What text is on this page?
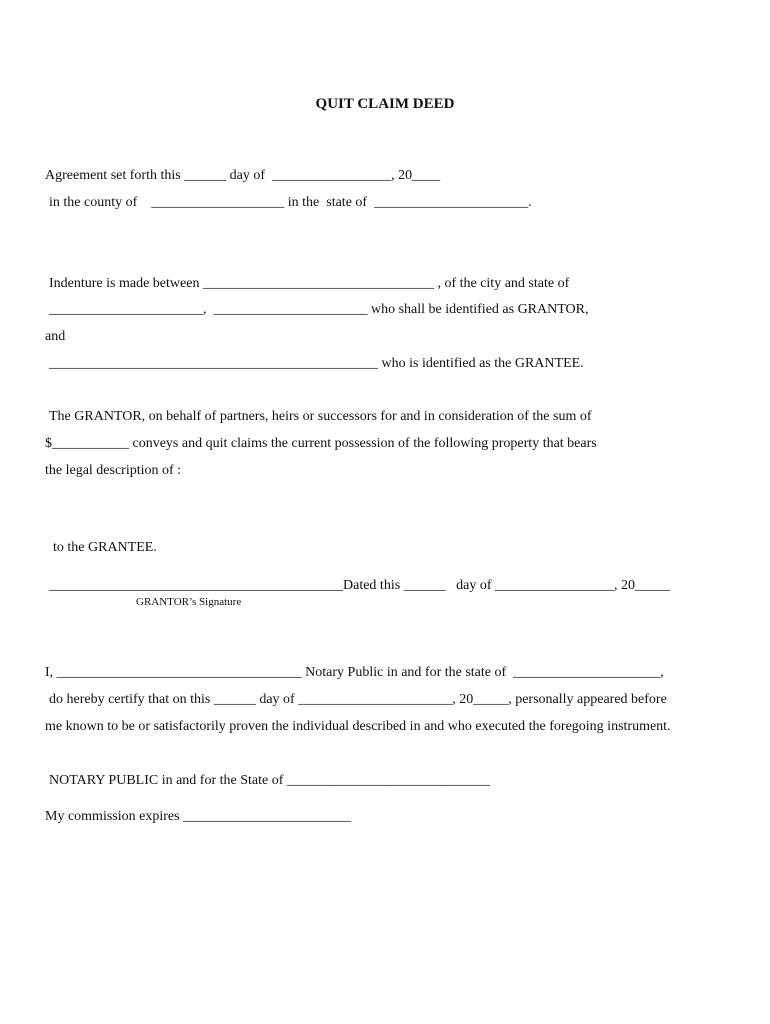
QUIT CLAIM DEED
Agreement set forth this ______ day of  _________________, 20____
in the county of    ___________________ in the  state of  ______________________.
Indenture is made between _________________________________ , of the city and state of
______________________,  ______________________ who shall be identified as GRANTOR,
and
_______________________________________________ who is identified as the GRANTEE.
The GRANTOR, on behalf of partners, heirs or successors for and in consideration of the sum of
$___________ conveys and quit claims the current possession of the following property that bears
the legal description of :
to the GRANTEE.
__________________________________________Dated this ______   day of _________________, 20_____
GRANTOR’s Signature
I, ___________________________________ Notary Public in and for the state of  _____________________,
do hereby certify that on this ______ day of ______________________, 20_____, personally appeared before
me known to be or satisfactorily proven the individual described in and who executed the foregoing instrument.
NOTARY PUBLIC in and for the State of _____________________________
My commission expires ________________________
